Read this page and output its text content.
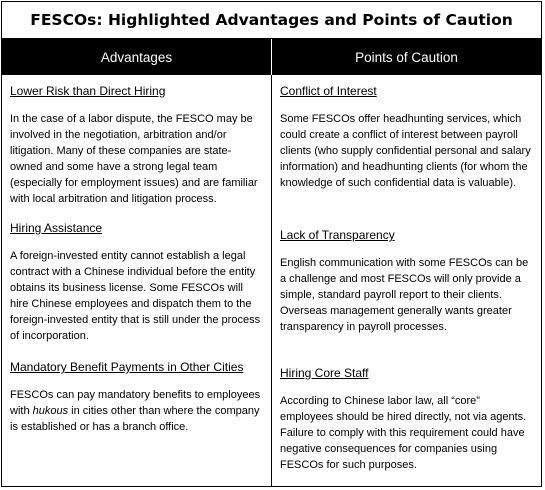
FESCOs: Highlighted Advantages and Points of Caution
Advantages	Points of Caution

Lower Risk than Direct Hiring

In the case of a labor dispute, the FESCO may be involved in the negotiation, arbitration and/or litigation. Many of these companies are state-owned and some have a strong legal team (especially for employment issues) and are familiar with local arbitration and litigation process.

Hiring Assistance

A foreign-invested entity cannot establish a legal contract with a Chinese individual before the entity obtains its business license. Some FESCOs will hire Chinese employees and dispatch them to the foreign-invested entity that is still under the process of incorporation.

Mandatory Benefit Payments in Other Cities

FESCOs can pay mandatory benefits to employees with hukous in cities other than where the company is established or has a branch office.

Conflict of Interest

Some FESCOs offer headhunting services, which could create a conflict of interest between payroll clients (who supply confidential personal and salary information) and headhunting clients (for whom the knowledge of such confidential data is valuable).

Lack of Transparency

English communication with some FESCOs can be a challenge and most FESCOs will only provide a simple, standard payroll report to their clients. Overseas management generally wants greater transparency in payroll processes.

Hiring Core Staff

According to Chinese labor law, all “core” employees should be hired directly, not via agents. Failure to comply with this requirement could have negative consequences for companies using FESCOs for such purposes.
